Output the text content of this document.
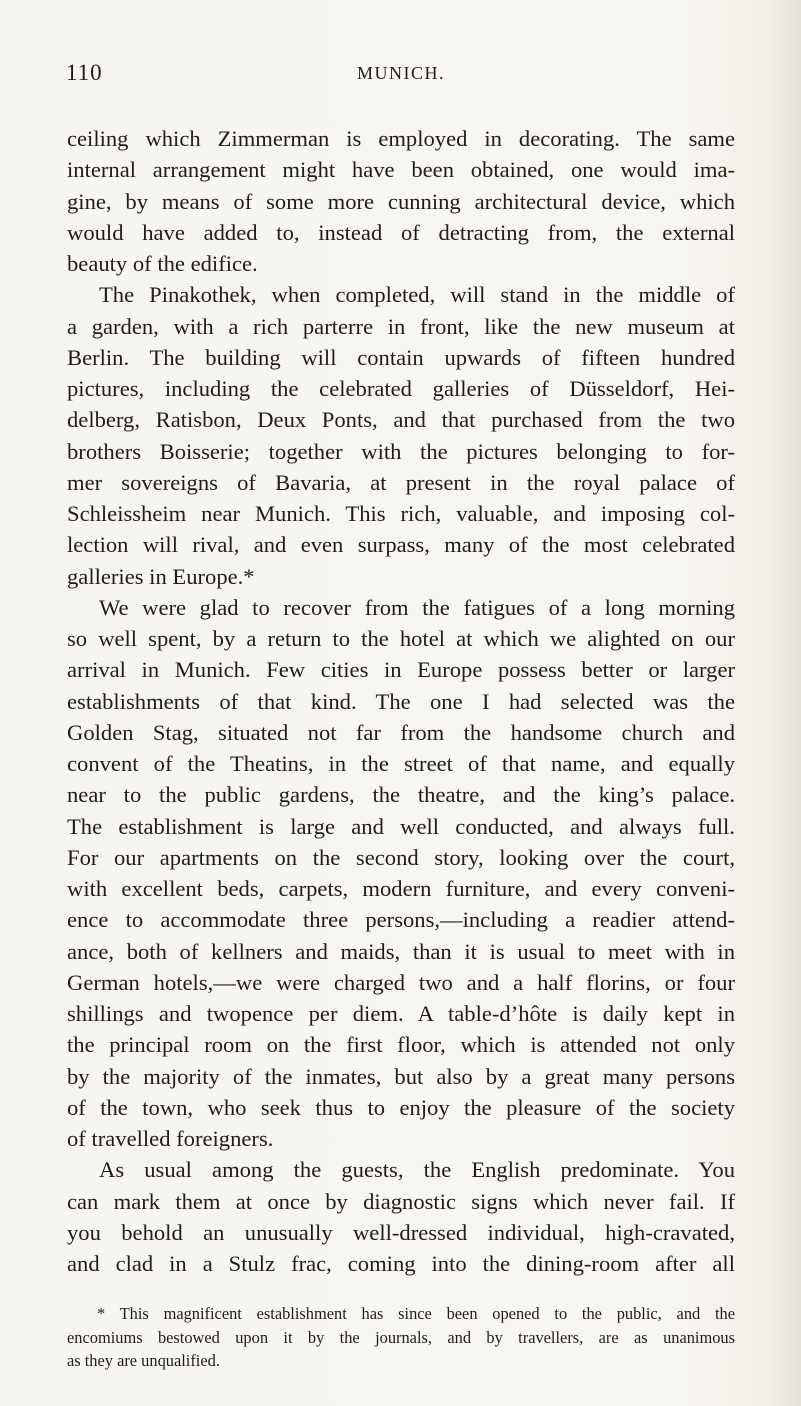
110	MUNICH.
ceiling which Zimmerman is employed in decorating. The same
internal arrangement might have been obtained, one would ima-
gine, by means of some more cunning architectural device, which
would have added to, instead of detracting from, the external
beauty of the edifice.
The Pinakothek, when completed, will stand in the middle of
a garden, with a rich parterre in front, like the new museum at
Berlin. The building will contain upwards of fifteen hundred
pictures, including the celebrated galleries of Düsseldorf, Hei-
delberg, Ratisbon, Deux Ponts, and that purchased from the two
brothers Boisserie; together with the pictures belonging to for-
mer sovereigns of Bavaria, at present in the royal palace of
Schleissheim near Munich. This rich, valuable, and imposing col-
lection will rival, and even surpass, many of the most celebrated
galleries in Europe.*
We were glad to recover from the fatigues of a long morning
so well spent, by a return to the hotel at which we alighted on our
arrival in Munich. Few cities in Europe possess better or larger
establishments of that kind. The one I had selected was the
Golden Stag, situated not far from the handsome church and
convent of the Theatins, in the street of that name, and equally
near to the public gardens, the theatre, and the king’s palace.
The establishment is large and well conducted, and always full.
For our apartments on the second story, looking over the court,
with excellent beds, carpets, modern furniture, and every conveni-
ence to accommodate three persons,—including a readier attend-
ance, both of kellners and maids, than it is usual to meet with in
German hotels,—we were charged two and a half florins, or four
shillings and twopence per diem. A table-d’hôte is daily kept in
the principal room on the first floor, which is attended not only
by the majority of the inmates, but also by a great many persons
of the town, who seek thus to enjoy the pleasure of the society
of travelled foreigners.
As usual among the guests, the English predominate. You
can mark them at once by diagnostic signs which never fail. If
you behold an unusually well-dressed individual, high-cravated,
and clad in a Stulz frac, coming into the dining-room after all
* This magnificent establishment has since been opened to the public, and the
encomiums bestowed upon it by the journals, and by travellers, are as unanimous
as they are unqualified.
